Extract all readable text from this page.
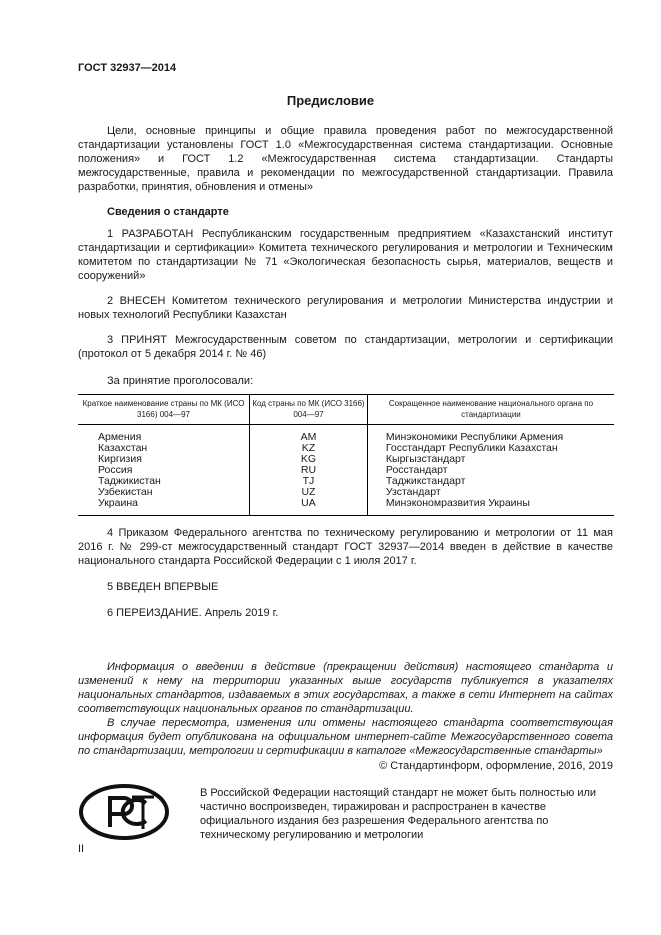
ГОСТ 32937—2014
Предисловие

Цели, основные принципы и общие правила проведения работ по межгосударственной стандартизации установлены ГОСТ 1.0 «Межгосударственная система стандартизации. Основные положения» и ГОСТ 1.2 «Межгосударственная система стандартизации. Стандарты межгосударственные, правила и рекомендации по межгосударственной стандартизации. Правила разработки, принятия, обновления и отмены»

Сведения о стандарте

1 РАЗРАБОТАН Республиканским государственным предприятием «Казахстанский институт стандартизации и сертификации» Комитета технического регулирования и метрологии и Техническим комитетом по стандартизации № 71 «Экологическая безопасность сырья, материалов, веществ и сооружений»

2 ВНЕСЕН Комитетом технического регулирования и метрологии Министерства индустрии и новых технологий Республики Казахстан

3 ПРИНЯТ Межгосударственным советом по стандартизации, метрологии и сертификации (протокол от 5 декабря 2014 г. № 46)

За принятие проголосовали:

Краткое наименование страны по МК (ИСО 3166) 004—97	Код страны по МК (ИСО 3166) 004—97	Сокращенное наименование национального органа по стандартизации
Армения	AM	Минэкономики Республики Армения
Казахстан	KZ	Госстандарт Республики Казахстан
Киргизия	KG	Кыргызстандарт
Россия	RU	Росстандарт
Таджикистан	TJ	Таджикстандарт
Узбекистан	UZ	Узстандарт
Украина	UA	Минэкономразвития Украины

4 Приказом Федерального агентства по техническому регулированию и метрологии от 11 мая 2016 г. № 299-ст межгосударственный стандарт ГОСТ 32937—2014 введен в действие в качестве национального стандарта Российской Федерации с 1 июля 2017 г.

5 ВВЕДЕН ВПЕРВЫЕ

6 ПЕРЕИЗДАНИЕ. Апрель 2019 г.

Информация о введении в действие (прекращении действия) настоящего стандарта и изменений к нему на территории указанных выше государств публикуется в указателях национальных стандартов, издаваемых в этих государствах, а также в сети Интернет на сайтах соответствующих национальных органов по стандартизации.

В случае пересмотра, изменения или отмены настоящего стандарта соответствующая информация будет опубликована на официальном интернет-сайте Межгосударственного совета по стандартизации, метрологии и сертификации в каталоге «Межгосударственные стандарты»

© Стандартинформ, оформление, 2016, 2019
В Российской Федерации настоящий стандарт не может быть полностью или частично воспроизведен, тиражирован и распространен в качестве официального издания без разрешения Федерального агентства по техническому регулированию и метрологии
II
